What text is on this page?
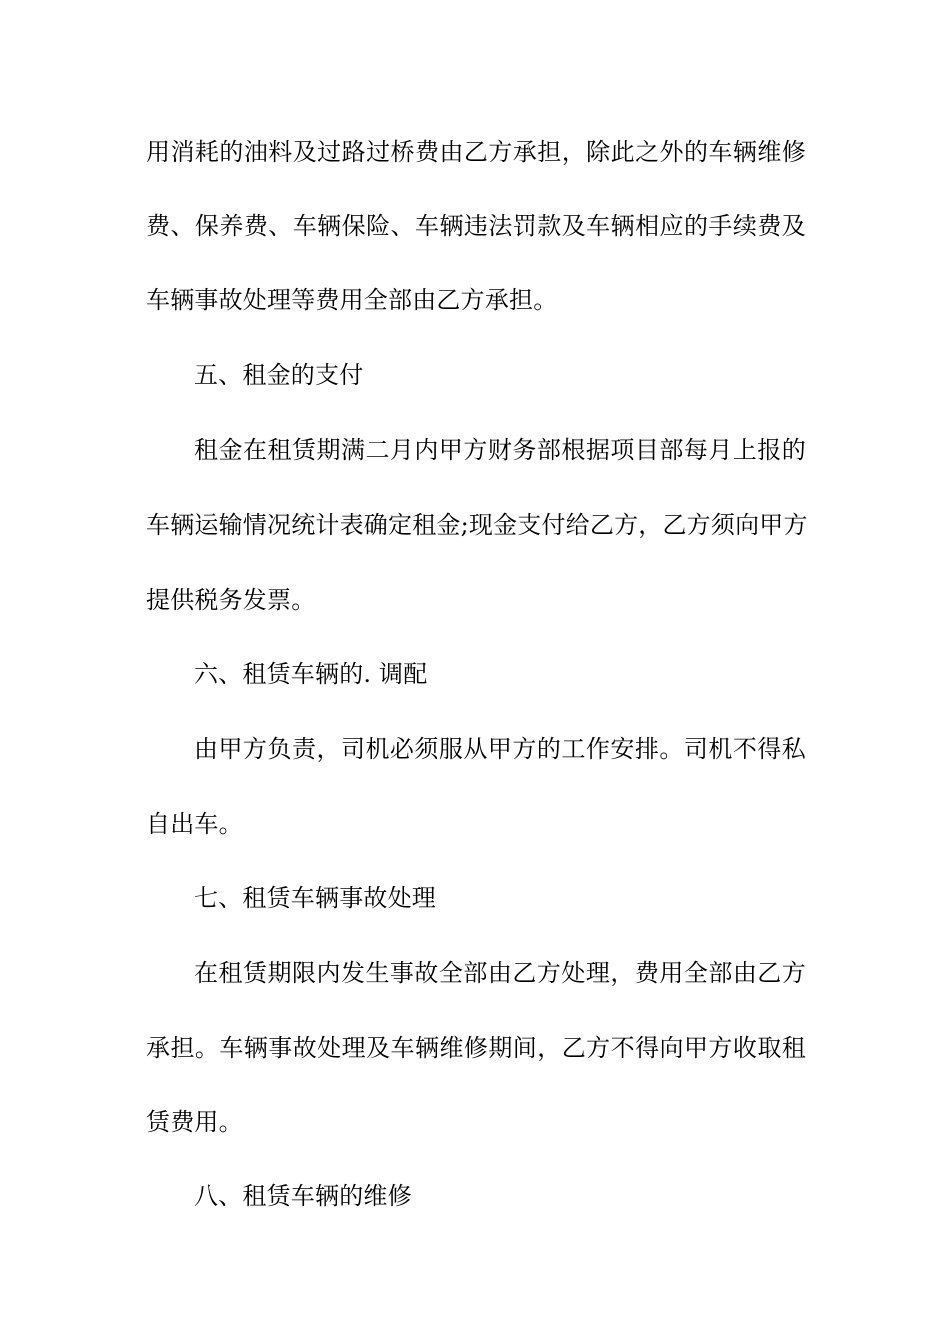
用消耗的油料及过路过桥费由乙方承担，除此之外的车辆维修
费、保养费、车辆保险、车辆违法罚款及车辆相应的手续费及
车辆事故处理等费用全部由乙方承担。
五、租金的支付
租金在租赁期满二月内甲方财务部根据项目部每月上报的
车辆运输情况统计表确定租金;现金支付给乙方，乙方须向甲方
提供税务发票。
六、租赁车辆的. 调配
由甲方负责，司机必须服从甲方的工作安排。司机不得私
自出车。
七、租赁车辆事故处理
在租赁期限内发生事故全部由乙方处理，费用全部由乙方
承担。车辆事故处理及车辆维修期间，乙方不得向甲方收取租
赁费用。
八、租赁车辆的维修
